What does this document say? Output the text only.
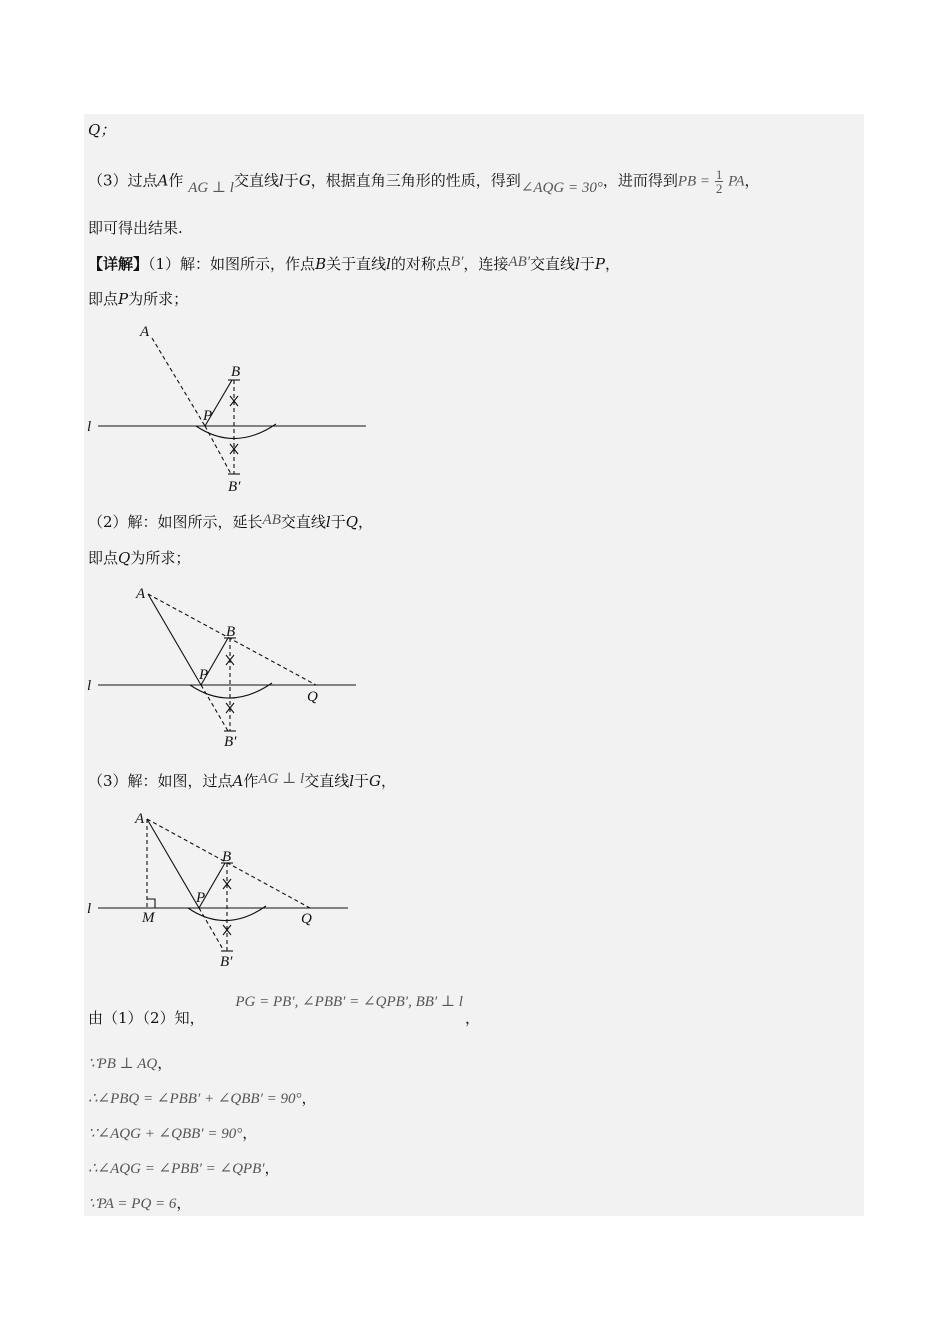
Q；
（3）过点A作 AG ⊥ l交直线l于G，根据直角三角形的性质，得到∠AQG = 30°，进而得到PB = $\frac{1}{2}$ PA，
即可得出结果.
【详解】（1）解：如图所示，作点B关于直线l的对称点B′，连接AB′交直线l于P，
即点P为所求；
A
B
P
l
B′
（2）解：如图所示，延长AB交直线l于Q，
即点Q为所求；
A
B
P
Q
l
B′
（3）解：如图，过点A作AG ⊥ l交直线l于G，
A
B
P
Q
M
l
B′
由（1）（2）知， PG = PB′, ∠PBB′ = ∠QPB′, BB′ ⊥ l，
∵PB ⊥ AQ，
∴∠PBQ = ∠PBB′ + ∠QBB′ = 90°，
∵∠AQG + ∠QBB′ = 90°，
∴∠AQG = ∠PBB′ = ∠QPB′，
∵PA = PQ = 6，
